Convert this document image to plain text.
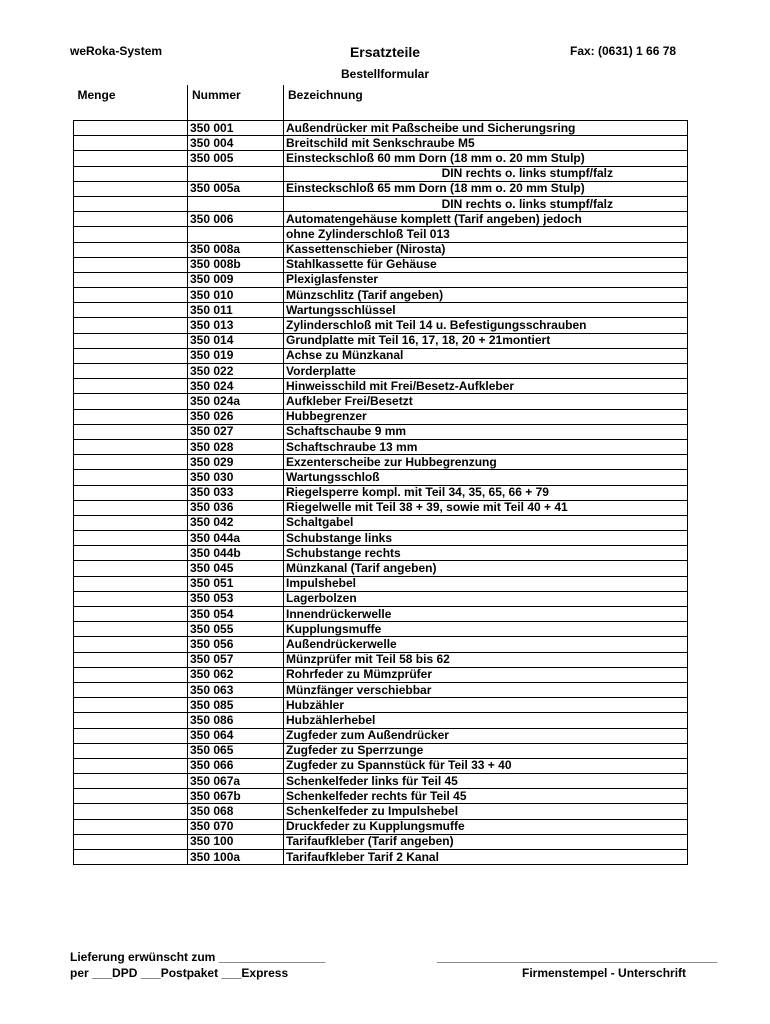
weRoka-System	Ersatzteile	Fax: (0631) 1 66 78
Bestellformular
Menge	Nummer	Bezeichnung
	350 001	Außendrücker mit Paßscheibe und Sicherungsring
	350 004	Breitschild mit Senkschraube M5
	350 005	Einsteckschloß 60 mm Dorn (18 mm o. 20 mm Stulp)
		DIN rechts o. links stumpf/falz
	350 005a	Einsteckschloß 65 mm Dorn (18 mm o. 20 mm Stulp)
		DIN rechts o. links stumpf/falz
	350 006	Automatengehäuse komplett (Tarif angeben) jedoch
		ohne Zylinderschloß Teil 013
	350 008a	Kassettenschieber (Nirosta)
	350 008b	Stahlkassette für Gehäuse
	350 009	Plexiglasfenster
	350 010	Münzschlitz (Tarif angeben)
	350 011	Wartungsschlüssel
	350 013	Zylinderschloß mit Teil 14 u. Befestigungsschrauben
	350 014	Grundplatte mit Teil 16, 17, 18, 20 + 21montiert
	350 019	Achse zu Münzkanal
	350 022	Vorderplatte
	350 024	Hinweisschild mit Frei/Besetz-Aufkleber
	350 024a	Aufkleber Frei/Besetzt
	350 026	Hubbegrenzer
	350 027	Schaftschaube 9 mm
	350 028	Schaftschraube 13 mm
	350 029	Exzenterscheibe zur Hubbegrenzung
	350 030	Wartungsschloß
	350 033	Riegelsperre kompl. mit Teil 34, 35, 65, 66 + 79
	350 036	Riegelwelle mit Teil 38 + 39, sowie mit Teil 40 + 41
	350 042	Schaltgabel
	350 044a	Schubstange links
	350 044b	Schubstange rechts
	350 045	Münzkanal (Tarif angeben)
	350 051	Impulshebel
	350 053	Lagerbolzen
	350 054	Innendrückerwelle
	350 055	Kupplungsmuffe
	350 056	Außendrückerwelle
	350 057	Münzprüfer mit Teil 58 bis 62
	350 062	Rohrfeder zu Mümzprüfer
	350 063	Münzfänger verschiebbar
	350 085	Hubzähler
	350 086	Hubzählerhebel
	350 064	Zugfeder zum Außendrücker
	350 065	Zugfeder zu Sperrzunge
	350 066	Zugfeder zu Spannstück für Teil 33 + 40
	350 067a	Schenkelfeder links für Teil 45
	350 067b	Schenkelfeder rechts für Teil 45
	350 068	Schenkelfeder zu Impulshebel
	350 070	Druckfeder zu Kupplungsmuffe
	350 100	Tarifaufkleber (Tarif angeben)
	350 100a	Tarifaufkleber Tarif 2 Kanal
Lieferung erwünscht zum ________________
per ___DPD ___Postpaket ___Express
__________________________________________
Firmenstempel - Unterschrift
